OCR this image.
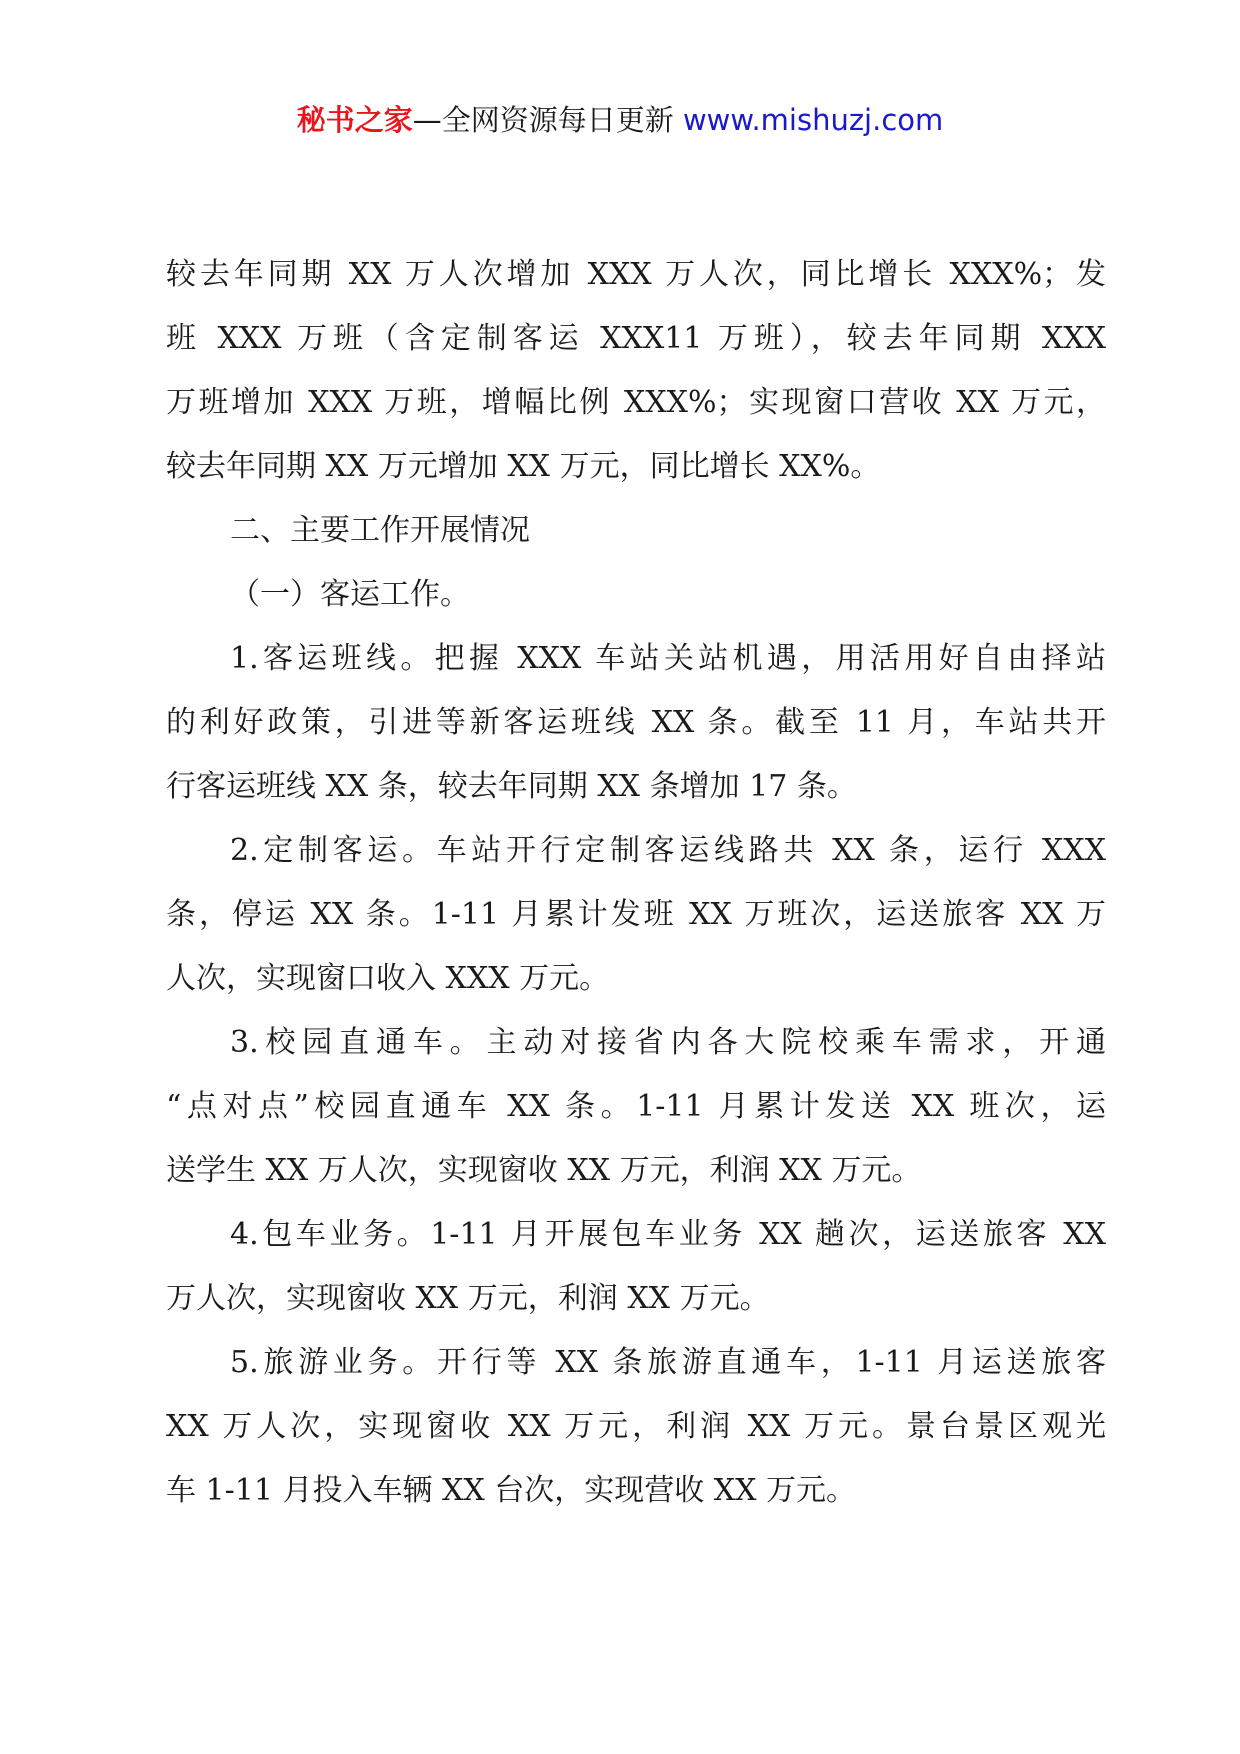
秘书之家—全网资源每日更新 www.mishuzj.com
较去年同期 XX 万人次增加 XXX 万人次，同比增长 XXX%；发
班 XXX 万班（含定制客运 XXX11 万班），较去年同期 XXX
万班增加 XXX 万班，增幅比例 XXX%；实现窗口营收 XX 万元，
较去年同期 XX 万元增加 XX 万元，同比增长 XX%。
二、主要工作开展情况
（一）客运工作。
1.客运班线。把握 XXX 车站关站机遇，用活用好自由择站
的利好政策，引进等新客运班线 XX 条。截至 11 月，车站共开
行客运班线 XX 条，较去年同期 XX 条增加 17 条。
2.定制客运。车站开行定制客运线路共 XX 条，运行 XXX
条，停运 XX 条。1-11 月累计发班 XX 万班次，运送旅客 XX 万
人次，实现窗口收入 XXX 万元。
3.校园直通车。主动对接省内各大院校乘车需求，开通
“点对点”校园直通车 XX 条。1-11 月累计发送 XX 班次，运
送学生 XX 万人次，实现窗收 XX 万元，利润 XX 万元。
4.包车业务。1-11 月开展包车业务 XX 趟次，运送旅客 XX
万人次，实现窗收 XX 万元，利润 XX 万元。
5.旅游业务。开行等 XX 条旅游直通车，1-11 月运送旅客
XX 万人次，实现窗收 XX 万元，利润 XX 万元。景台景区观光
车 1-11 月投入车辆 XX 台次，实现营收 XX 万元。
